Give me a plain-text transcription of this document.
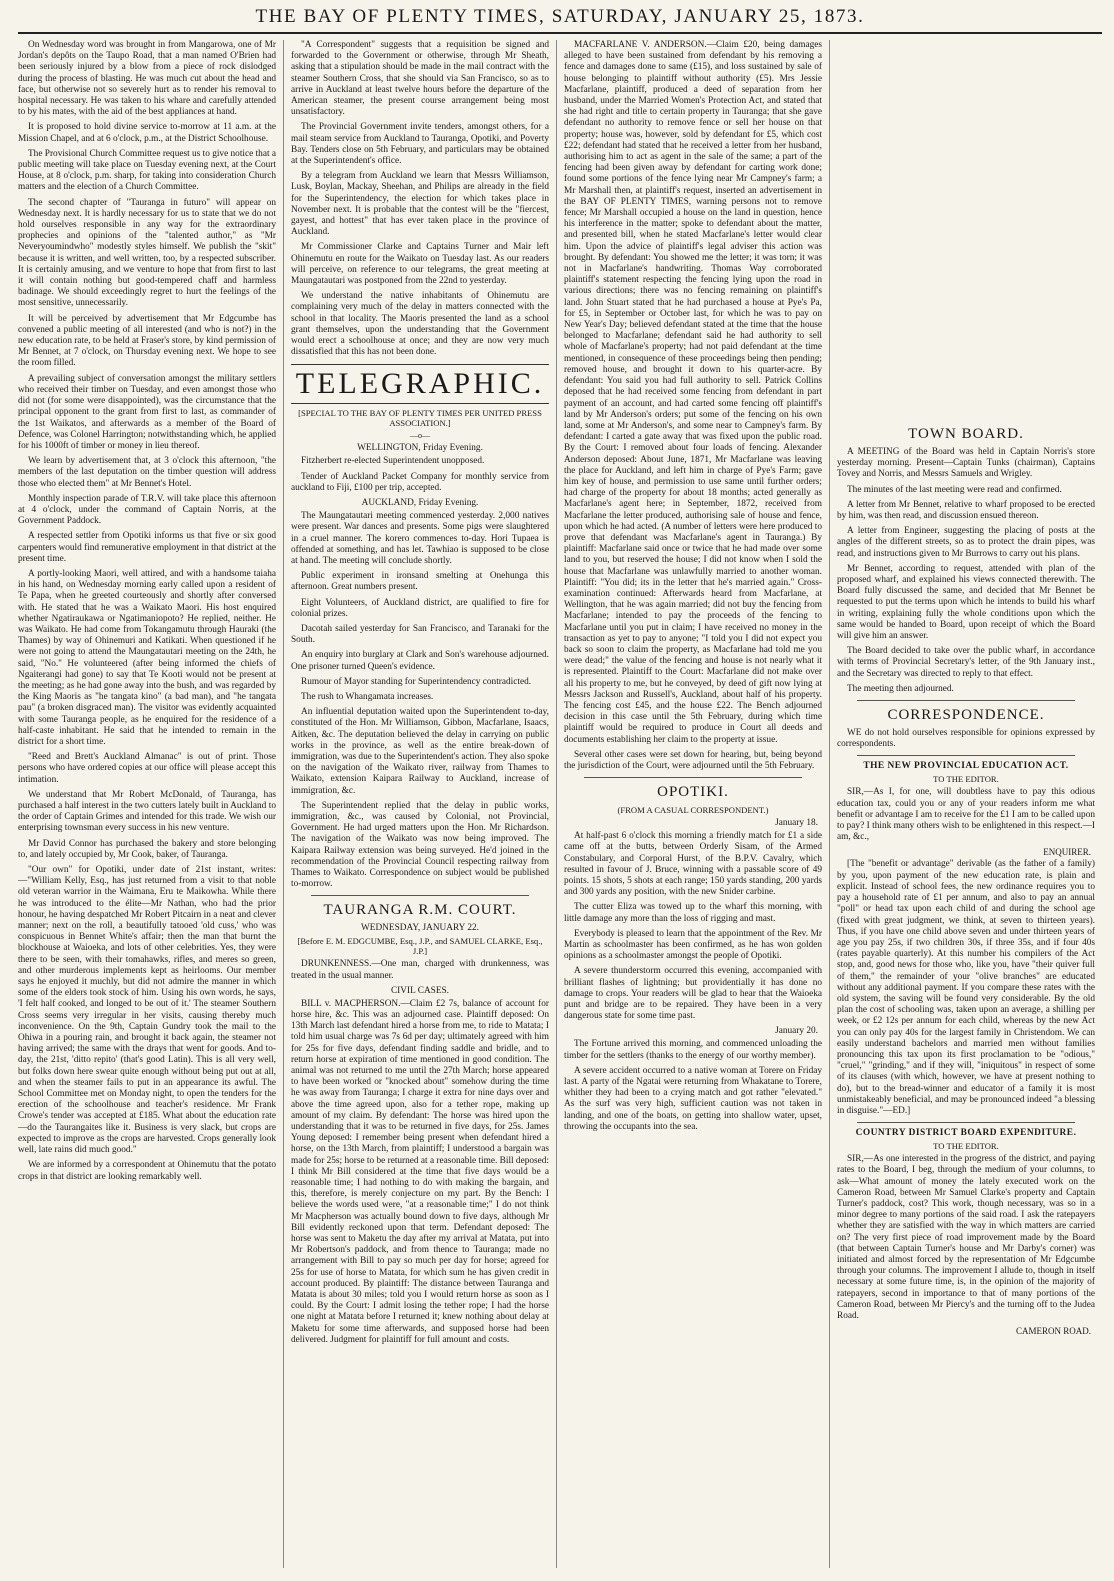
THE BAY OF PLENTY TIMES, SATURDAY, JANUARY 25, 1873.

On Wednesday word was brought in from Mangarowa, one of Mr Jordan's depôts on the Taupo Road, that a man named O'Brien had been seriously injured by a blow from a piece of rock dislodged during the process of blasting. He was much cut about the head and face, but otherwise not so severely hurt as to render his removal to hospital necessary. He was taken to his whare and carefully attended to by his mates, with the aid of the best appliances at hand.

It is proposed to hold divine service to-morrow at 11 a.m. at the Mission Chapel, and at 6 o'clock, p.m., at the District Schoolhouse.

The Provisional Church Committee request us to give notice that a public meeting will take place on Tuesday evening next, at the Court House, at 8 o'clock, p.m. sharp, for taking into consideration Church matters and the election of a Church Committee.

The second chapter of "Tauranga in futuro" will appear on Wednesday next. It is hardly necessary for us to state that we do not hold ourselves responsible in any way for the extraordinary prophecies and opinions of the "talented author," as "Mr Neveryoumindwho" modestly styles himself. We publish the "skit" because it is written, and well written, too, by a respected subscriber. It is certainly amusing, and we venture to hope that from first to last it will contain nothing but good-tempered chaff and harmless badinage. We should exceedingly regret to hurt the feelings of the most sensitive, unnecessarily.

It will be perceived by advertisement that Mr Edgcumbe has convened a public meeting of all interested (and who is not?) in the new education rate, to be held at Fraser's store, by kind permission of Mr Bennet, at 7 o'clock, on Thursday evening next. We hope to see the room filled.

A prevailing subject of conversation amongst the military settlers who received their timber on Tuesday, and even amongst those who did not (for some were disappointed), was the circumstance that the principal opponent to the grant from first to last, as commander of the 1st Waikatos, and afterwards as a member of the Board of Defence, was Colonel Harrington; notwithstanding which, he applied for his 1000ft of timber or money in lieu thereof.

We learn by advertisement that, at 3 o'clock this afternoon, "the members of the last deputation on the timber question will address those who elected them" at Mr Bennet's Hotel.

Monthly inspection parade of T.R.V. will take place this afternoon at 4 o'clock, under the command of Captain Norris, at the Government Paddock.

A respected settler from Opotiki informs us that five or six good carpenters would find remunerative employment in that district at the present time.

A portly-looking Maori, well attired, and with a handsome taiaha in his hand, on Wednesday morning early called upon a resident of Te Papa, when he greeted courteously and shortly after conversed with. He stated that he was a Waikato Maori. His host enquired whether Ngatiraukawa or Ngatimaniopoto? He replied, neither. He was Waikato. He had come from Tokangamutu through Hauraki (the Thames) by way of Ohinemuri and Katikati. When questioned if he were not going to attend the Maungatautari meeting on the 24th, he said, "No." He volunteered (after being informed the chiefs of Ngaiterangi had gone) to say that Te Kooti would not be present at the meeting; as he had gone away into the bush, and was regarded by the King Maoris as "he tangata kino" (a bad man), and "he tangata pau" (a broken disgraced man). The visitor was evidently acquainted with some Tauranga people, as he enquired for the residence of a half-caste inhabitant. He said that he intended to remain in the district for a short time.

"Reed and Brett's Auckland Almanac" is out of print. Those persons who have ordered copies at our office will please accept this intimation.

We understand that Mr Robert McDonald, of Tauranga, has purchased a half interest in the two cutters lately built in Auckland to the order of Captain Grimes and intended for this trade. We wish our enterprising townsman every success in his new venture.

Mr David Connor has purchased the bakery and store belonging to, and lately occupied by, Mr Cook, baker, of Tauranga.

"Our own" for Opotiki, under date of 21st instant, writes:—"William Kelly, Esq., has just returned from a visit to that noble old veteran warrior in the Waimana, Eru te Maikowha. While there he was introduced to the élite—Mr Nathan, who had the prior honour, he having despatched Mr Robert Pitcairn in a neat and clever manner; next on the roll, a beautifully tatooed 'old cuss,' who was conspicuous in Bennet White's affair; then the man that burnt the blockhouse at Waioeka, and lots of other celebrities. Yes, they were there to be seen, with their tomahawks, rifles, and meres so green, and other murderous implements kept as heirlooms. Our member says he enjoyed it muchly, but did not admire the manner in which some of the elders took stock of him. Using his own words, he says, 'I felt half cooked, and longed to be out of it.' The steamer Southern Cross seems very irregular in her visits, causing thereby much inconvenience. On the 9th, Captain Gundry took the mail to the Ohiwa in a pouring rain, and brought it back again, the steamer not having arrived; the same with the drays that went for goods. And to-day, the 21st, 'ditto repito' (that's good Latin). This is all very well, but folks down here swear quite enough without being put out at all, and when the steamer fails to put in an appearance its awful. The School Committee met on Monday night, to open the tenders for the erection of the schoolhouse and teacher's residence. Mr Frank Crowe's tender was accepted at £185. What about the education rate—do the Taurangaites like it. Business is very slack, but crops are expected to improve as the crops are harvested. Crops generally look well, late rains did much good."

We are informed by a correspondent at Ohinemutu that the potato crops in that district are looking remarkably well.

"A Correspondent" suggests that a requisition be signed and forwarded to the Government or otherwise, through Mr Sheath, asking that a stipulation should be made in the mail contract with the steamer Southern Cross, that she should via San Francisco, so as to arrive in Auckland at least twelve hours before the departure of the American steamer, the present course arrangement being most unsatisfactory.

The Provincial Government invite tenders, amongst others, for a mail steam service from Auckland to Tauranga, Opotiki, and Poverty Bay. Tenders close on 5th February, and particulars may be obtained at the Superintendent's office.

By a telegram from Auckland we learn that Messrs Williamson, Lusk, Boylan, Mackay, Sheehan, and Philips are already in the field for the Superintendency, the election for which takes place in November next. It is probable that the contest will be the "fiercest, gayest, and hottest" that has ever taken place in the province of Auckland.

Mr Commissioner Clarke and Captains Turner and Mair left Ohinemutu en route for the Waikato on Tuesday last. As our readers will perceive, on reference to our telegrams, the great meeting at Maungatautari was postponed from the 22nd to yesterday.

We understand the native inhabitants of Ohinemutu are complaining very much of the delay in matters connected with the school in that locality. The Maoris presented the land as a school grant themselves, upon the understanding that the Government would erect a schoolhouse at once; and they are now very much dissatisfied that this has not been done.

TELEGRAPHIC.
[SPECIAL TO THE BAY OF PLENTY TIMES PER UNITED PRESS ASSOCIATION.]
—o—
WELLINGTON, Friday Evening.

Fitzherbert re-elected Superintendent unopposed.

Tender of Auckland Packet Company for monthly service from auckland to Fiji, £100 per trip, accepted.

AUCKLAND, Friday Evening.

The Maungatautari meeting commenced yesterday. 2,000 natives were present. War dances and presents. Some pigs were slaughtered in a cruel manner. The korero commences to-day. Hori Tupaea is offended at something, and has let. Tawhiao is supposed to be close at hand. The meeting will conclude shortly.

Public experiment in ironsand smelting at Onehunga this afternoon. Great numbers present.

Eight Volunteers, of Auckland district, are qualified to fire for colonial prizes.

Dacotah sailed yesterday for San Francisco, and Taranaki for the South.

An enquiry into burglary at Clark and Son's warehouse adjourned. One prisoner turned Queen's evidence.

Rumour of Mayor standing for Superintendency contradicted.

The rush to Whangamata increases.

An influential deputation waited upon the Superintendent to-day, constituted of the Hon. Mr Williamson, Gibbon, Macfarlane, Isaacs, Aitken, &c. The deputation believed the delay in carrying on public works in the province, as well as the entire break-down of immigration, was due to the Superintendent's action. They also spoke on the navigation of the Waikato river, railway from Thames to Waikato, extension Kaipara Railway to Auckland, increase of immigration, &c.

The Superintendent replied that the delay in public works, immigration, &c., was caused by Colonial, not Provincial, Government. He had urged matters upon the Hon. Mr Richardson. The navigation of the Waikato was now being improved. The Kaipara Railway extension was being surveyed. He'd joined in the recommendation of the Provincial Council respecting railway from Thames to Waikato. Correspondence on subject would be published to-morrow.

TAURANGA R.M. COURT.
WEDNESDAY, JANUARY 22.
[Before E. M. EDGCUMBE, Esq., J.P., and SAMUEL CLARKE, Esq., J.P.]

DRUNKENNESS.—One man, charged with drunkenness, was treated in the usual manner.

CIVIL CASES.

BILL v. MACPHERSON.—Claim £2 7s, balance of account for horse hire, &c. This was an adjourned case. Plaintiff deposed: On 13th March last defendant hired a horse from me, to ride to Matata; I told him usual charge was 7s 6d per day; ultimately agreed with him for 25s for five days, defendant finding saddle and bridle, and to return horse at expiration of time mentioned in good condition. The animal was not returned to me until the 27th March; horse appeared to have been worked or "knocked about" somehow during the time he was away from Tauranga; I charge it extra for nine days over and above the time agreed upon, also for a tether rope, making up amount of my claim. By defendant: The horse was hired upon the understanding that it was to be returned in five days, for 25s. James Young deposed: I remember being present when defendant hired a horse, on the 13th March, from plaintiff; I understood a bargain was made for 25s; horse to be returned at a reasonable time. Bill deposed: I think Mr Bill considered at the time that five days would be a reasonable time; I had nothing to do with making the bargain, and this, therefore, is merely conjecture on my part. By the Bench: I believe the words used were, "at a reasonable time;" I do not think Mr Macpherson was actually bound down to five days, although Mr Bill evidently reckoned upon that term. Defendant deposed: The horse was sent to Maketu the day after my arrival at Matata, put into Mr Robertson's paddock, and from thence to Tauranga; made no arrangement with Bill to pay so much per day for horse; agreed for 25s for use of horse to Matata, for which sum he has given credit in account produced. By plaintiff: The distance between Tauranga and Matata is about 30 miles; told you I would return horse as soon as I could. By the Court: I admit losing the tether rope; I had the horse one night at Matata before I returned it; knew nothing about delay at Maketu for some time afterwards, and supposed horse had been delivered. Judgment for plaintiff for full amount and costs.

MACFARLANE V. ANDERSON.—Claim £20, being damages alleged to have been sustained from defendant by his removing a fence and damages done to same (£15), and loss sustained by sale of house belonging to plaintiff without authority (£5). Mrs Jessie Macfarlane, plaintiff, produced a deed of separation from her husband, under the Married Women's Protection Act, and stated that she had right and title to certain property in Tauranga; that she gave defendant no authority to remove fence or sell her house on that property; house was, however, sold by defendant for £5, which cost £22; defendant had stated that he received a letter from her husband, authorising him to act as agent in the sale of the same; a part of the fencing had been given away by defendant for carting work done; found some portions of the fence lying near Mr Campney's farm; a Mr Marshall then, at plaintiff's request, inserted an advertisement in the BAY OF PLENTY TIMES, warning persons not to remove fence; Mr Marshall occupied a house on the land in question, hence his interference in the matter; spoke to defendant about the matter, and presented bill, when he stated Macfarlane's letter would clear him. Upon the advice of plaintiff's legal adviser this action was brought. By defendant: You showed me the letter; it was torn; it was not in Macfarlane's handwriting. Thomas Way corroborated plaintiff's statement respecting the fencing lying upon the road in various directions; there was no fencing remaining on plaintiff's land. John Stuart stated that he had purchased a house at Pye's Pa, for £5, in September or October last, for which he was to pay on New Year's Day; believed defendant stated at the time that the house belonged to Macfarlane; defendant said he had authority to sell whole of Macfarlane's property; had not paid defendant at the time mentioned, in consequence of these proceedings being then pending; removed house, and brought it down to his quarter-acre. By defendant: You said you had full authority to sell. Patrick Collins deposed that he had received some fencing from defendant in part payment of an account, and had carted some fencing off plaintiff's land by Mr Anderson's orders; put some of the fencing on his own land, some at Mr Anderson's, and some near to Campney's farm. By defendant: I carted a gate away that was fixed upon the public road. By the Court: I removed about four loads of fencing. Alexander Anderson deposed: About June, 1871, Mr Macfarlane was leaving the place for Auckland, and left him in charge of Pye's Farm; gave him key of house, and permission to use same until further orders; had charge of the property for about 18 months; acted generally as Macfarlane's agent here; in September, 1872, received from Macfarlane the letter produced, authorising sale of house and fence, upon which he had acted. (A number of letters were here produced to prove that defendant was Macfarlane's agent in Tauranga.) By plaintiff: Macfarlane said once or twice that he had made over some land to you, but reserved the house; I did not know when I sold the house that Macfarlane was unlawfully married to another woman. Plaintiff: "You did; its in the letter that he's married again." Cross-examination continued: Afterwards heard from Macfarlane, at Wellington, that he was again married; did not buy the fencing from Macfarlane; intended to pay the proceeds of the fencing to Macfarlane until you put in claim; I have received no money in the transaction as yet to pay to anyone; "I told you I did not expect you back so soon to claim the property, as Macfarlane had told me you were dead;" the value of the fencing and house is not nearly what it is represented. Plaintiff to the Court: Macfarlane did not make over all his property to me, but he conveyed, by deed of gift now lying at Messrs Jackson and Russell's, Auckland, about half of his property. The fencing cost £45, and the house £22. The Bench adjourned decision in this case until the 5th February, during which time plaintiff would be required to produce in Court all deeds and documents establishing her claim to the property at issue.

Several other cases were set down for hearing, but, being beyond the jurisdiction of the Court, were adjourned until the 5th February.

OPOTIKI.
(FROM A CASUAL CORRESPONDENT.)
January 18.

At half-past 6 o'clock this morning a friendly match for £1 a side came off at the butts, between Orderly Sisam, of the Armed Constabulary, and Corporal Hurst, of the B.P.V. Cavalry, which resulted in favour of J. Bruce, winning with a passable score of 49 points. 15 shots, 5 shots at each range; 150 yards standing, 200 yards and 300 yards any position, with the new Snider carbine.

The cutter Eliza was towed up to the wharf this morning, with little damage any more than the loss of rigging and mast.

Everybody is pleased to learn that the appointment of the Rev. Mr Martin as schoolmaster has been confirmed, as he has won golden opinions as a schoolmaster amongst the people of Opotiki.

A severe thunderstorm occurred this evening, accompanied with brilliant flashes of lightning; but providentially it has done no damage to crops. Your readers will be glad to hear that the Waioeka punt and bridge are to be repaired. They have been in a very dangerous state for some time past.

January 20.

The Fortune arrived this morning, and commenced unloading the timber for the settlers (thanks to the energy of our worthy member).

A severe accident occurred to a native woman at Torere on Friday last. A party of the Ngatai were returning from Whakatane to Torere, whither they had been to a crying match and got rather "elevated." As the surf was very high, sufficient caution was not taken in landing, and one of the boats, on getting into shallow water, upset, throwing the occupants into the sea.

TOWN BOARD.

A MEETING of the Board was held in Captain Norris's store yesterday morning. Present—Captain Tunks (chairman), Captains Tovey and Norris, and Messrs Samuels and Wrigley.

The minutes of the last meeting were read and confirmed.

A letter from Mr Bennet, relative to wharf proposed to be erected by him, was then read, and discussion ensued thereon.

A letter from Engineer, suggesting the placing of posts at the angles of the different streets, so as to protect the drain pipes, was read, and instructions given to Mr Burrows to carry out his plans.

Mr Bennet, according to request, attended with plan of the proposed wharf, and explained his views connected therewith. The Board fully discussed the same, and decided that Mr Bennet be requested to put the terms upon which he intends to build his wharf in writing, explaining fully the whole conditions upon which the same would be handed to Board, upon receipt of which the Board will give him an answer.

The Board decided to take over the public wharf, in accordance with terms of Provincial Secretary's letter, of the 9th January inst., and the Secretary was directed to reply to that effect.

The meeting then adjourned.

CORRESPONDENCE.

WE do not hold ourselves responsible for opinions expressed by correspondents.

THE NEW PROVINCIAL EDUCATION ACT.
TO THE EDITOR.

SIR,—As I, for one, will doubtless have to pay this odious education tax, could you or any of your readers inform me what benefit or advantage I am to receive for the £1 I am to be called upon to pay? I think many others wish to be enlightened in this respect.—I am, &c.,

ENQUIRER.

[The "benefit or advantage" derivable (as the father of a family) by you, upon payment of the new education rate, is plain and explicit. Instead of school fees, the new ordinance requires you to pay a household rate of £1 per annum, and also to pay an annual "poll" or head tax upon each child of and during the school age (fixed with great judgment, we think, at seven to thirteen years). Thus, if you have one child above seven and under thirteen years of age you pay 25s, if two children 30s, if three 35s, and if four 40s (rates payable quarterly). At this number his compilers of the Act stop, and, good news for those who, like you, have "their quiver full of them," the remainder of your "olive branches" are educated without any additional payment. If you compare these rates with the old system, the saving will be found very considerable. By the old plan the cost of schooling was, taken upon an average, a shilling per week, or £2 12s per annum for each child, whereas by the new Act you can only pay 40s for the largest family in Christendom. We can easily understand bachelors and married men without families pronouncing this tax upon its first proclamation to be "odious," "cruel," "grinding," and if they will, "iniquitous" in respect of some of its clauses (with which, however, we have at present nothing to do), but to the bread-winner and educator of a family it is most unmistakeably beneficial, and may be pronounced indeed "a blessing in disguise."—ED.]

COUNTRY DISTRICT BOARD EXPENDITURE.
TO THE EDITOR.

SIR,—As one interested in the progress of the district, and paying rates to the Board, I beg, through the medium of your columns, to ask—What amount of money the lately executed work on the Cameron Road, between Mr Samuel Clarke's property and Captain Turner's paddock, cost? This work, though necessary, was so in a minor degree to many portions of the said road. I ask the ratepayers whether they are satisfied with the way in which matters are carried on? The very first piece of road improvement made by the Board (that between Captain Turner's house and Mr Darby's corner) was initiated and almost forced by the representation of Mr Edgcumbe through your columns. The improvement I allude to, though in itself necessary at some future time, is, in the opinion of the majority of ratepayers, second in importance to that of many portions of the Cameron Road, between Mr Piercy's and the turning off to the Judea Road.

CAMERON ROAD.
